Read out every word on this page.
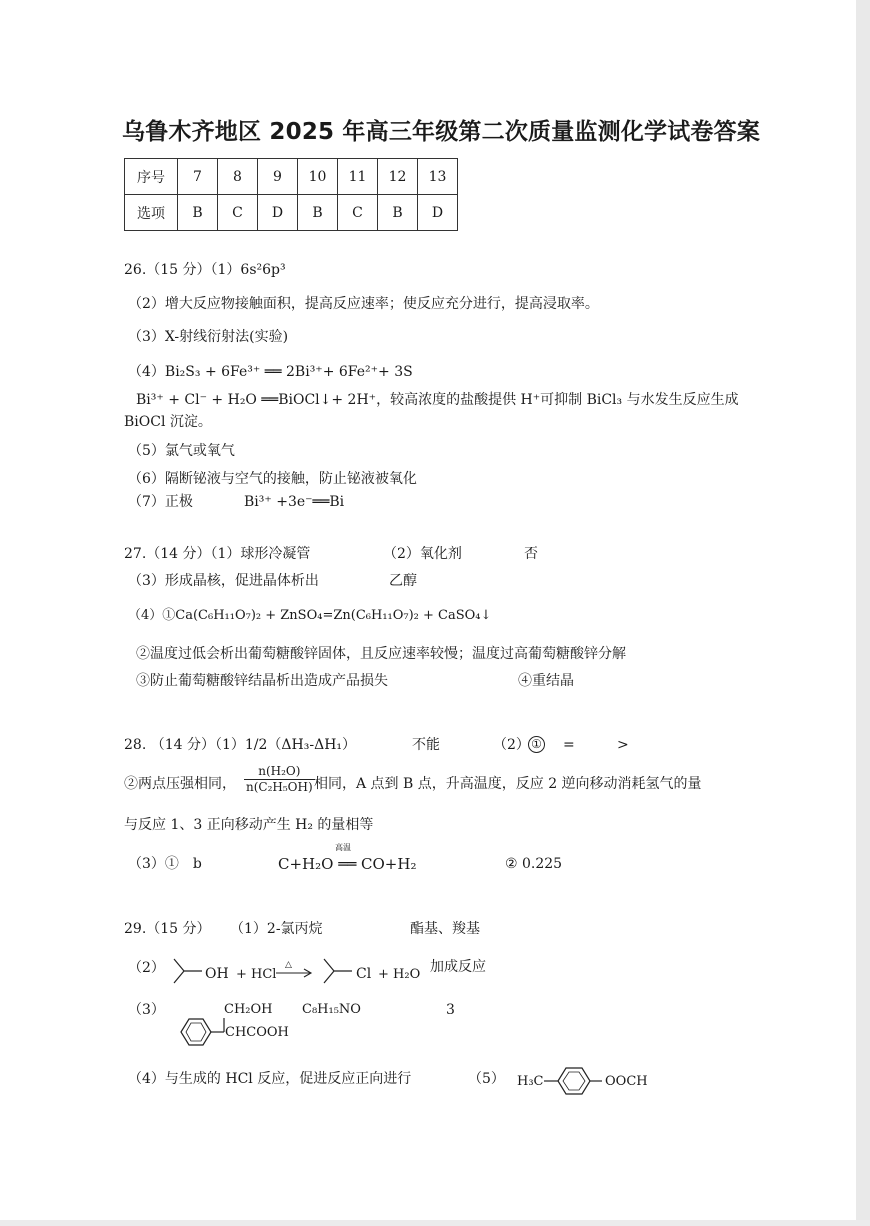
乌鲁木齐地区 2025 年高三年级第二次质量监测化学试卷答案
序号	7	8	9	10	11	12	13
选项	B	C	D	B	C	B	D
26.（15 分）（1）6s²6p³
（2）增大反应物接触面积，提高反应速率；使反应充分进行，提高浸取率。
（3）X-射线衍射法(实验)
（4）Bi₂S₃ + 6Fe³⁺ ══ 2Bi³⁺+ 6Fe²⁺+ 3S
Bi³⁺ + Cl⁻ + H₂O ══BiOCl↓+ 2H⁺，较高浓度的盐酸提供 H⁺可抑制 BiCl₃ 与水发生反应生成
BiOCl 沉淀。
（5）氯气或氧气
（6）隔断铋液与空气的接触，防止铋液被氧化
（7）正极	Bi³⁺ +3e⁻══Bi
27.（14 分）（1）球形冷凝管	（2）氧化剂	否
（3）形成晶核，促进晶体析出	乙醇
（4）①Ca(C₆H₁₁O₇)₂ + ZnSO₄=Zn(C₆H₁₁O₇)₂ + CaSO₄↓
②温度过低会析出葡萄糖酸锌固体，且反应速率较慢；温度过高葡萄糖酸锌分解
③防止葡萄糖酸锌结晶析出造成产品损失	④重结晶
28. （14 分）（1）1/2（ΔH₃-ΔH₁）	不能	（2） ① =	>
②两点压强相同， $\frac{\text{n(H₂O)}}{\text{n(C₂H₅OH)}}$ 相同，A 点到 B 点，升高温度，反应 2 逆向移动消耗氢气的量
与反应 1、3 正向移动产生 H₂ 的量相等
（3）①　b	C+H₂O ══ CO+H₂
高温
② 0.225
29.（15 分） （1）2-氯丙烷	酯基、羧基
（2）	OH + HCl
△
Cl + H₂O 加成反应
（3）	CH₂OH
CHCOOH
C₈H₁₅NO	3
（4）与生成的 HCl 反应，促进反应正向进行	（5） H₃C	OOCH
